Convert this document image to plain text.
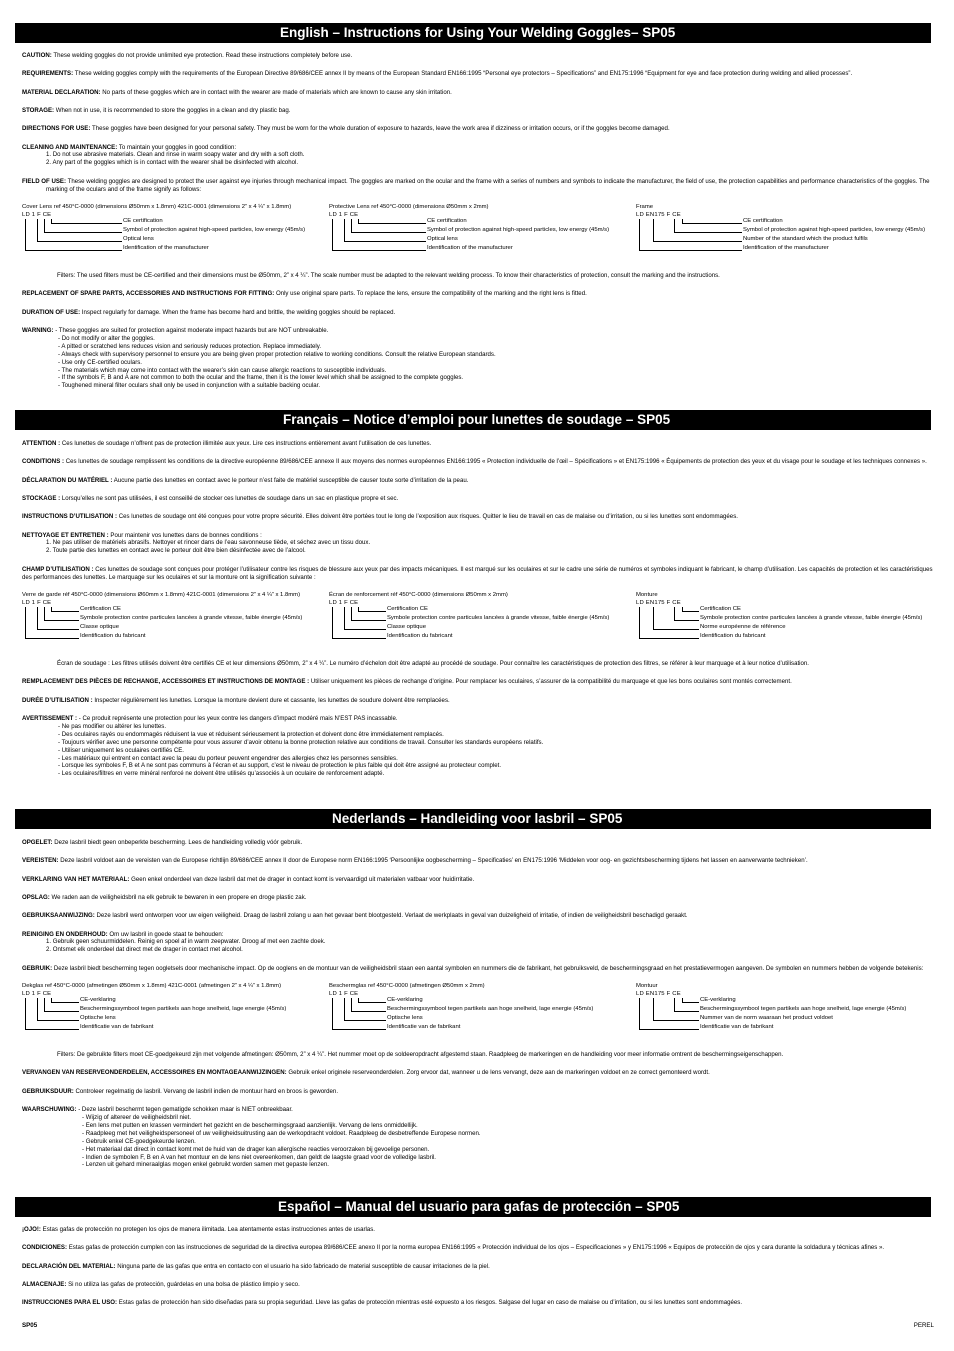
English – Instructions for Using Your Welding Goggles– SP05
CAUTION: These welding goggles do not provide unlimited eye protection. Read these instructions completely before use.
REQUIREMENTS: These welding goggles comply with the requirements of the European Directive 89/686/CEE annex II by means of the European Standard EN166:1995 “Personal eye protectors – Specifications” and EN175:1996 “Equipment for eye and face protection during welding and allied processes”.
MATERIAL DECLARATION: No parts of these goggles which are in contact with the wearer are made of materials which are known to cause any skin irritation.
STORAGE: When not in use, it is recommended to store the goggles in a clean and dry plastic bag.
DIRECTIONS FOR USE: These goggles have been designed for your personal safety. They must be worn for the whole duration of exposure to hazards, leave the work area if dizziness or irritation occurs, or if the goggles become damaged.
CLEANING AND MAINTENANCE: To maintain your goggles in good condition:
1. Do not use abrasive materials. Clean and rinse in warm soapy water and dry with a soft cloth.
2. Any part of the goggles which is in contact with the wearer shall be disinfected with alcohol.
FIELD OF USE: These welding goggles are designed to protect the user against eye injuries through mechanical impact. The goggles are marked on the ocular and the frame with a series of numbers and symbols to indicate the manufacturer, the field of use, the protection capabilities and performance characteristics of the goggles. The marking of the oculars and of the frame signify as follows:
Cover Lens ref 450°C-0000 (dimensions Ø50mm x 1.8mm) 421C-0001 (dimensions 2” x 4 ¼” x 1.8mm)
LD 1 F CE
CE certification
Symbol of protection against high-speed particles, low energy (45m/s)
Optical lens
Identification of the manufacturer
Protective Lens ref 450°C-0000 (dimensions Ø50mm x 2mm)
LD 1 F CE
CE certification
Symbol of protection against high-speed particles, low energy (45m/s)
Optical lens
Identification of the manufacturer
Frame
LD EN175 F CE
CE certification
Symbol of protection against high-speed particles, low energy (45m/s)
Number of the standard which the product fulfils
Identification of the manufacturer
Filters: The used filters must be CE-certified and their dimensions must be Ø50mm, 2” x 4 ¼”. The scale number must be adapted to the relevant welding process. To know their characteristics of protection, consult the marking and the instructions.
REPLACEMENT OF SPARE PARTS, ACCESSORIES AND INSTRUCTIONS FOR FITTING: Only use original spare parts. To replace the lens, ensure the compatibility of the marking and the right lens is fitted.
DURATION OF USE: Inspect regularly for damage. When the frame has become hard and brittle, the welding goggles should be replaced.
WARNING: - These goggles are suited for protection against moderate impact hazards but are NOT unbreakable.
- Do not modify or alter the goggles.
- A pitted or scratched lens reduces vision and seriously reduces protection. Replace immediately.
- Always check with supervisory personnel to ensure you are being given proper protection relative to working conditions. Consult the relative European standards.
- Use only CE-certified oculars.
- The materials which may come into contact with the wearer’s skin can cause allergic reactions to susceptible individuals.
- If the symbols F, B and A are not common to both the ocular and the frame, then it is the lower level which shall be assigned to the complete goggles.
- Toughened mineral filter oculars shall only be used in conjunction with a suitable backing ocular.
Français – Notice d’emploi pour lunettes de soudage – SP05
ATTENTION : Ces lunettes de soudage n’offrent pas de protection illimitée aux yeux. Lire ces instructions entièrement avant l’utilisation de ces lunettes.
CONDITIONS : Ces lunettes de soudage remplissent les conditions de la directive européenne 89/686/CEE annexe II aux moyens des normes européennes EN166:1995 « Protection individuelle de l’œil – Spécifications » et EN175:1996 « Équipements de protection des yeux et du visage pour le soudage et les techniques connexes ».
DÉCLARATION DU MATÉRIEL : Aucune partie des lunettes en contact avec le porteur n’est faite de matériel susceptible de causer toute sorte d’irritation de la peau.
STOCKAGE : Lorsqu’elles ne sont pas utilisées, il est conseillé de stocker ces lunettes de soudage dans un sac en plastique propre et sec.
INSTRUCTIONS D’UTILISATION : Ces lunettes de soudage ont été conçues pour votre propre sécurité. Elles doivent être portées tout le long de l’exposition aux risques. Quitter le lieu de travail en cas de malaise ou d’irritation, ou si les lunettes sont endommagées.
NETTOYAGE ET ENTRETIEN : Pour maintenir vos lunettes dans de bonnes conditions :
1. Ne pas utiliser de matériels abrasifs. Nettoyer et rincer dans de l’eau savonneuse tiède, et séchez avec un tissu doux.
2. Toute partie des lunettes en contact avec le porteur doit être bien désinfectée avec de l’alcool.
CHAMP D’UTILISATION : Ces lunettes de soudage sont conçues pour protéger l’utilisateur contre les risques de blessure aux yeux par des impacts mécaniques. Il est marqué sur les oculaires et sur le cadre une série de numéros et symboles indiquant le fabricant, le champ d’utilisation. Les capacités de protection et les caractéristiques des performances des lunettes. Le marquage sur les oculaires et sur la monture ont la signification suivante :
Verre de garde réf 450°C-0000 (dimensions Ø60mm x 1.8mm) 421C-0001 (dimensions 2” x 4 ¼” x 1.8mm)
LD 1 F CE
Certification CE
Symbole protection contre particules lancées à grande vitesse, faible énergie (45m/s)
Classe optique
Identification du fabricant
Écran de renforcement réf 450°C-0000 (dimensions Ø50mm x 2mm)
LD 1 F CE
Certification CE
Symbole protection contre particules lancées à grande vitesse, faible énergie (45m/s)
Classe optique
Identification du fabricant
Monture
LD EN175 F CE
Certification CE
Symbole protection contre particules lancées à grande vitesse, faible énergie (45m/s)
Norme européenne de référence
Identification du fabricant
Écran de soudage : Les filtres utilisés doivent être certifiés CE et leur dimensions Ø50mm, 2” x 4 ¼”. Le numéro d’échelon doit être adapté au procédé de soudage. Pour connaître les caractéristiques de protection des filtres, se référer à leur marquage et à leur notice d’utilisation.
REMPLACEMENT DES PIÈCES DE RECHANGE, ACCESSOIRES ET INSTRUCTIONS DE MONTAGE : Utiliser uniquement les pièces de rechange d’origine. Pour remplacer les oculaires, s’assurer de la compatibilité du marquage et que les bons oculaires sont montés correctement.
DURÉE D’UTILISATION : Inspecter régulièrement les lunettes. Lorsque la monture devient dure et cassante, les lunettes de soudure doivent être remplacées.
AVERTISSEMENT : - Ce produit représente une protection pour les yeux contre les dangers d’impact modéré mais N’EST PAS incassable.
- Ne pas modifier ou altérer les lunettes.
- Des oculaires rayés ou endommagés réduisent la vue et réduisent sérieusement la protection et doivent donc être immédiatement remplacés.
- Toujours vérifier avec une personne compétente pour vous assurer d’avoir obtenu la bonne protection relative aux conditions de travail. Consulter les standards européens relatifs.
- Utiliser uniquement les oculaires certifiés CE.
- Les matériaux qui entrent en contact avec la peau du porteur peuvent engendrer des allergies chez les personnes sensibles.
- Lorsque les symboles F, B et A ne sont pas communs à l’écran et au support, c’est le niveau de protection le plus faible qui doit être assigné au protecteur complet.
- Les oculaires/filtres en verre minéral renforcé ne doivent être utilisés qu’associés à un oculaire de renforcement adapté.
Nederlands – Handleiding voor lasbril – SP05
OPGELET: Deze lasbril biedt geen onbeperkte bescherming. Lees de handleiding volledig vóór gebruik.
VEREISTEN: Deze lasbril voldoet aan de vereisten van de Europese richtlijn 89/686/CEE annex II door de Europese norm EN166:1995 ‘Persoonlijke oogbescherming – Specificaties’ en EN175:1996 ‘Middelen voor oog- en gezichtsbescherming tijdens het lassen en aanverwante technieken’.
VERKLARING VAN HET MATERIAAL: Geen enkel onderdeel van deze lasbril dat met de drager in contact komt is vervaardigd uit materialen vatbaar voor huidirritatie.
OPSLAG: We raden aan de veiligheidsbril na elk gebruik te bewaren in een propere en droge plastic zak.
GEBRUIKSAANWIJZING: Deze lasbril werd ontworpen voor uw eigen veiligheid. Draag de lasbril zolang u aan het gevaar bent blootgesteld. Verlaat de werkplaats in geval van duizeligheid of irritatie, of indien de veiligheidsbril beschadigd geraakt.
REINIGING EN ONDERHOUD: Om uw lasbril in goede staat te behouden:
1. Gebruik geen schuurmiddelen. Reinig en spoel af in warm zeepwater. Droog af met een zachte doek.
2. Ontsmet elk onderdeel dat direct met de drager in contact met alcohol.
GEBRUIK: Deze lasbril biedt bescherming tegen oogletsels door mechanische impact. Op de ooglens en de montuur van de veiligheidsbril staan een aantal symbolen en nummers die de fabrikant, het gebruiksveld, de beschermingsgraad en het prestatievermogen aangeven. De symbolen en nummers hebben de volgende betekenis:
Dekglas ref 450°C-0000 (afmetingen Ø50mm x 1.8mm) 421C-0001 (afmetingen 2” x 4 ¼” x 1.8mm)
LD 1 F CE
CE-verklaring
Beschermingssymbool tegen partikels aan hoge snelheid, lage energie (45m/s)
Optische lens
Identificatie van de fabrikant
Beschermglas ref 450°C-0000 (afmetingen Ø50mm x 2mm)
LD 1 F CE
CE-verklaring
Beschermingssymbool tegen partikels aan hoge snelheid, lage energie (45m/s)
Optische lens
Identificatie van de fabrikant
Montuur
LD EN175 F CE
CE-verklaring
Beschermingssymbool tegen partikels aan hoge snelheid, lage energie (45m/s)
Nummer van de norm waaraan het product voldoet
Identificatie van de fabrikant
Filters: De gebruikte filters moet CE-goedgekeurd zijn met volgende afmetingen: Ø50mm, 2” x 4 ¼”. Het nummer moet op de soldeeropdracht afgestemd staan. Raadpleeg de markeringen en de handleiding voor meer informatie omtrent de beschermingseigenschappen.
VERVANGEN VAN RESERVEONDERDELEN, ACCESSOIRES EN MONTAGEAANWIJZINGEN: Gebruik enkel originele reserveonderdelen. Zorg ervoor dat, wanneer u de lens vervangt, deze aan de markeringen voldoet en ze correct gemonteerd wordt.
GEBRUIKSDUUR: Controleer regelmatig de lasbril. Vervang de lasbril indien de montuur hard en broos is geworden.
WAARSCHUWING: - Deze lasbril beschermt tegen gematigde schokken maar is NIET onbreekbaar.
- Wijzig of altereer de veiligheidsbril niet.
- Een lens met putten en krassen vermindert het gezicht en de beschermingsgraad aanzienlijk. Vervang de lens onmiddellijk.
- Raadpleeg met het veiligheidspersoneel of uw veiligheidsuitrusting aan de werkopdracht voldoet. Raadpleeg de desbetreffende Europese normen.
- Gebruik enkel CE-goedgekeurde lenzen.
- Het materiaal dat direct in contact komt met de huid van de drager kan allergische reacties veroorzaken bij gevoelige personen.
- Indien de symbolen F, B en A van het montuur en de lens niet overeenkomen, dan geldt de laagste graad voor de volledige lasbril.
- Lenzen uit gehard mineraalglas mogen enkel gebruikt worden samen met gepaste lenzen.
Español – Manual del usuario para gafas de protección – SP05
¡OJO!: Estas gafas de protección no protegen los ojos de manera ilimitada. Lea atentamente estas instrucciones antes de usarlas.
CONDICIONES: Estas gafas de protección cumplen con las instrucciones de seguridad de la directiva europea 89/686/CEE anexo II por la norma europea EN166:1995 « Protección individual de los ojos – Especificaciones » y EN175:1996 « Equipos de protección de ojos y cara durante la soldadura y técnicas afines ».
DECLARACIÓN DEL MATERIAL: Ninguna parte de las gafas que entra en contacto con el usuario ha sido fabricado de material susceptible de causar irritaciones de la piel.
ALMACENAJE: Si no utiliza las gafas de protección, guárdelas en una bolsa de plástico limpio y seco.
INSTRUCCIONES PARA EL USO: Estas gafas de protección han sido diseñadas para su propia seguridad. Lleve las gafas de protección mientras esté expuesto a los riesgos. Salgase del lugar en caso de malaise ou d’irritation, ou si les lunettes sont endommagées.
SP05	PEREL
